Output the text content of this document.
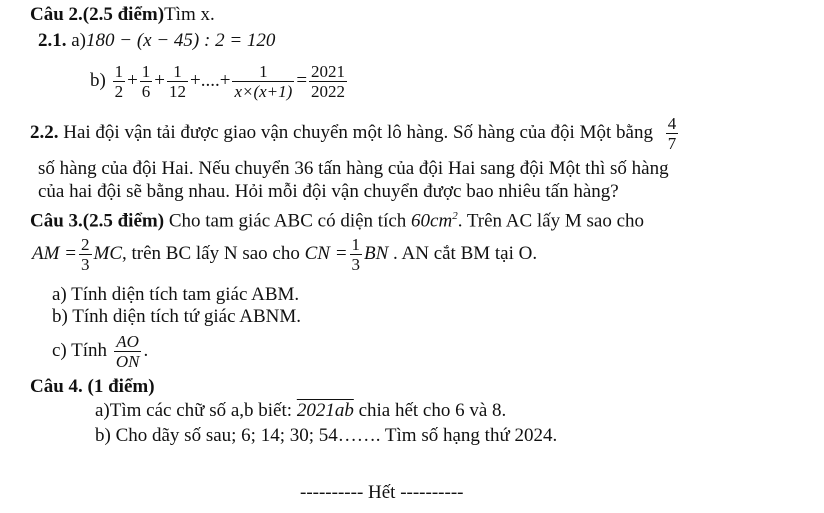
Câu 2.(2.5 điểm)Tìm x.
2.1. a)180 − (x − 45) : 2 = 120
$b) \frac{1}{2} + \frac{1}{6} + \frac{1}{12}$ +....+ $\frac{1}{x\times(x+1)} = \frac{2021}{2022}$
2.2. Hai đội vận tải được giao vận chuyển một lô hàng. Số hàng của đội Một bằng $\frac{4}{7}$
số hàng của đội Hai. Nếu chuyển 36 tấn hàng của đội Hai sang đội Một thì số hàng
của hai đội sẽ bằng nhau. Hỏi mỗi đội vận chuyển được bao nhiêu tấn hàng?
Câu 3.(2.5 điểm) Cho tam giác ABC có diện tích $60cm^2$. Trên AC lấy M sao cho
AM = $\frac{2}{3}$ MC, trên BC lấy N sao cho CN = $\frac{1}{3}$ BN . AN cắt BM tại O.
a) Tính diện tích tam giác ABM.
b) Tính diện tích tứ giác ABNM.
c) Tính $\frac{AO}{ON}$ .
Câu 4. (1 điểm)
a)Tìm các chữ số a,b biết: 2021ab chia hết cho 6 và 8.
b) Cho dãy số sau; 6; 14; 30; 54……. Tìm số hạng thứ 2024.
---------- Hết ----------
